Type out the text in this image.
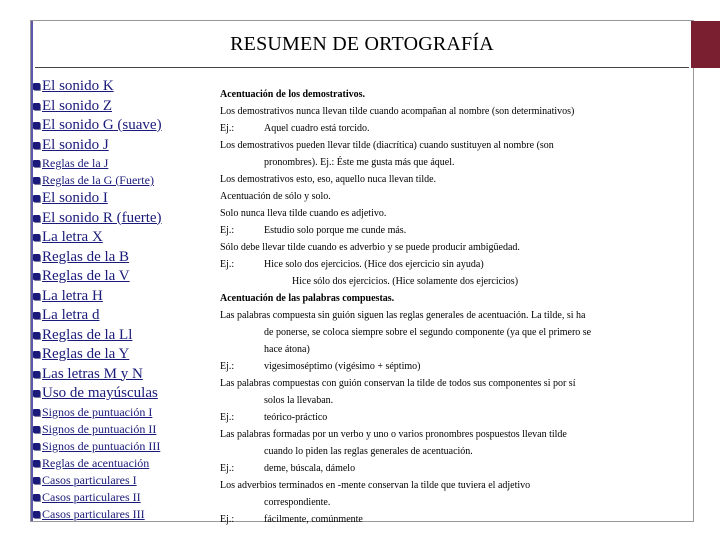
RESUMEN DE ORTOGRAFÍA
El sonido K
El sonido Z
El sonido G (suave)
El sonido J
Reglas de la J
Reglas de la G (Fuerte)
El sonido I
El sonido R (fuerte)
La letra X
Reglas de la B
Reglas de la V
La letra H
La letra d
Reglas de la Ll
Reglas de la Y
Las letras M y N
Uso de mayúsculas
Signos de puntuación I
Signos de puntuación II
Signos de puntuación III
Reglas de acentuación
Casos particulares I
Casos particulares II
Casos particulares III
Acentuación de los demostrativos.
Los demostrativos nunca llevan tilde cuando acompañan al nombre (son determinativos)
Ej.:	Aquel cuadro está torcido.
Los demostrativos pueden llevar tilde (diacrítica) cuando sustituyen al nombre (son
pronombres). Ej.: Éste me gusta más que áquel.
Los demostrativos esto, eso, aquello nuca llevan tilde.
Acentuación de sólo y solo.
Solo nunca lleva tilde cuando es adjetivo.
Ej.:	Estudio solo porque me cunde más.
Sólo debe llevar tilde cuando es adverbio y se puede producir ambigüedad.
Ej.:	Hice solo dos ejercicios. (Hice dos ejercicio sin ayuda)
Hice sólo dos ejercicios. (Hice solamente dos ejercicios)
Acentuación de las palabras compuestas.
Las palabras compuesta sin guión siguen las reglas generales de acentuación. La tilde, si ha
de ponerse, se coloca siempre sobre el segundo componente (ya que el primero se
hace átona)
Ej.:	vigesimoséptimo (vigésimo + séptimo)
Las palabras compuestas con guión conservan la tilde de todos sus componentes si por sí
solos la llevaban.
Ej.:	teórico-práctico
Las palabras formadas por un verbo y uno o varios pronombres pospuestos llevan tilde
cuando lo piden las reglas generales de acentuación.
Ej.:	deme, búscala, dámelo
Los adverbios terminados en -mente conservan la tilde que tuviera el adjetivo
correspondiente.
Ej.:	fácilmente, comúnmente
